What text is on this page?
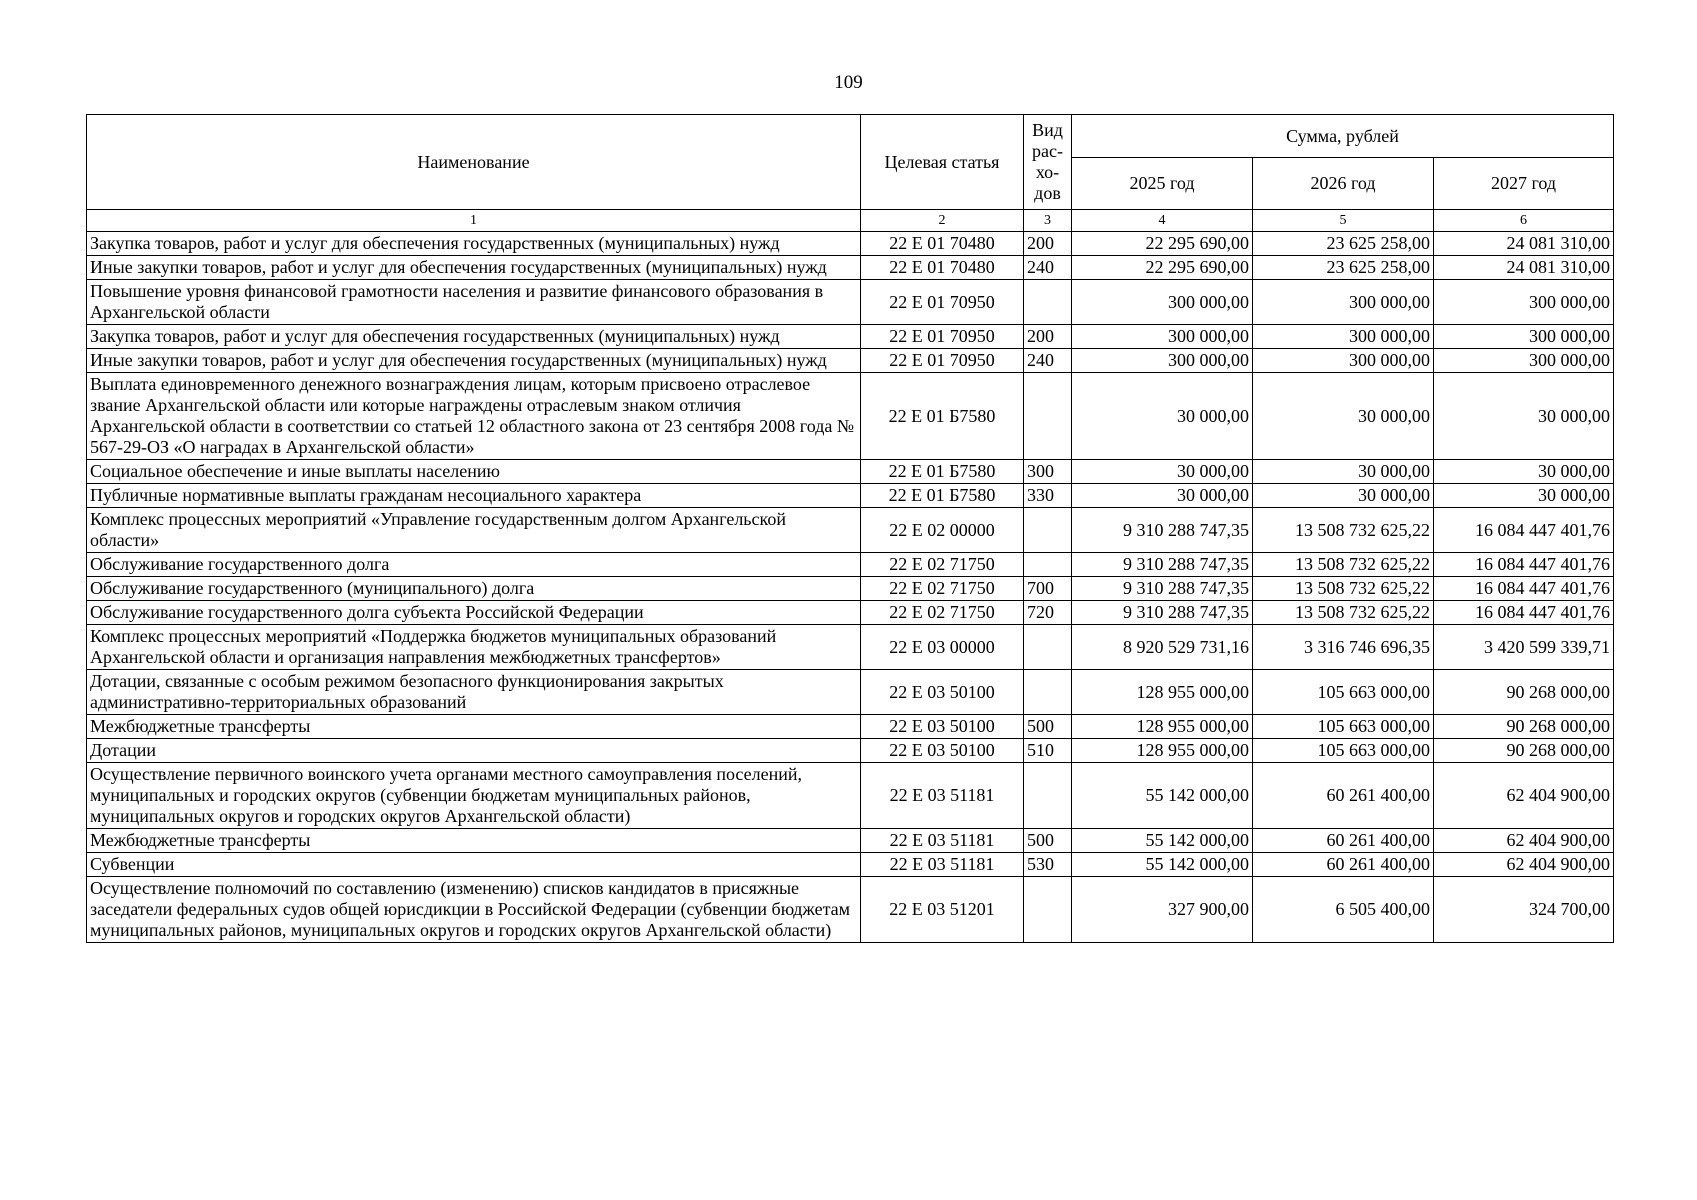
109
Наименование	Целевая статья	Вид рас-хо-дов	Сумма, рублей		
			2025 год	2026 год	2027 год
1	2	3	4	5	6
Закупка товаров, работ и услуг для обеспечения государственных (муниципальных) нужд	22 Е 01 70480	200	22 295 690,00	23 625 258,00	24 081 310,00
Иные закупки товаров, работ и услуг для обеспечения государственных (муниципальных) нужд	22 Е 01 70480	240	22 295 690,00	23 625 258,00	24 081 310,00
Повышение уровня финансовой грамотности населения и развитие финансового образования в Архангельской области	22 Е 01 70950		300 000,00	300 000,00	300 000,00
Закупка товаров, работ и услуг для обеспечения государственных (муниципальных) нужд	22 Е 01 70950	200	300 000,00	300 000,00	300 000,00
Иные закупки товаров, работ и услуг для обеспечения государственных (муниципальных) нужд	22 Е 01 70950	240	300 000,00	300 000,00	300 000,00
Выплата единовременного денежного вознаграждения лицам, которым присвоено отраслевое звание Архангельской области или которые награждены отраслевым знаком отличия Архангельской области в соответствии со статьей 12 областного закона от 23 сентября 2008 года № 567-29-ОЗ «О наградах в Архангельской области»	22 Е 01 Б7580		30 000,00	30 000,00	30 000,00
Социальное обеспечение и иные выплаты населению	22 Е 01 Б7580	300	30 000,00	30 000,00	30 000,00
Публичные нормативные выплаты гражданам несоциального характера	22 Е 01 Б7580	330	30 000,00	30 000,00	30 000,00
Комплекс процессных мероприятий «Управление государственным долгом Архангельской области»	22 Е 02 00000		9 310 288 747,35	13 508 732 625,22	16 084 447 401,76
Обслуживание государственного долга	22 Е 02 71750		9 310 288 747,35	13 508 732 625,22	16 084 447 401,76
Обслуживание государственного (муниципального) долга	22 Е 02 71750	700	9 310 288 747,35	13 508 732 625,22	16 084 447 401,76
Обслуживание государственного долга субъекта Российской Федерации	22 Е 02 71750	720	9 310 288 747,35	13 508 732 625,22	16 084 447 401,76
Комплекс процессных мероприятий «Поддержка бюджетов муниципальных образований Архангельской области и организация направления межбюджетных трансфертов»	22 Е 03 00000		8 920 529 731,16	3 316 746 696,35	3 420 599 339,71
Дотации, связанные с особым режимом безопасного функционирования закрытых административно-территориальных образований	22 Е 03 50100		128 955 000,00	105 663 000,00	90 268 000,00
Межбюджетные трансферты	22 Е 03 50100	500	128 955 000,00	105 663 000,00	90 268 000,00
Дотации	22 Е 03 50100	510	128 955 000,00	105 663 000,00	90 268 000,00
Осуществление первичного воинского учета органами местного самоуправления поселений, муниципальных и городских округов (субвенции бюджетам муниципальных районов, муниципальных округов и городских округов Архангельской области)	22 Е 03 51181		55 142 000,00	60 261 400,00	62 404 900,00
Межбюджетные трансферты	22 Е 03 51181	500	55 142 000,00	60 261 400,00	62 404 900,00
Субвенции	22 Е 03 51181	530	55 142 000,00	60 261 400,00	62 404 900,00
Осуществление полномочий по составлению (изменению) списков кандидатов в присяжные заседатели федеральных судов общей юрисдикции в Российской Федерации (субвенции бюджетам муниципальных районов, муниципальных округов и городских округов Архангельской области)	22 Е 03 51201		327 900,00	6 505 400,00	324 700,00
